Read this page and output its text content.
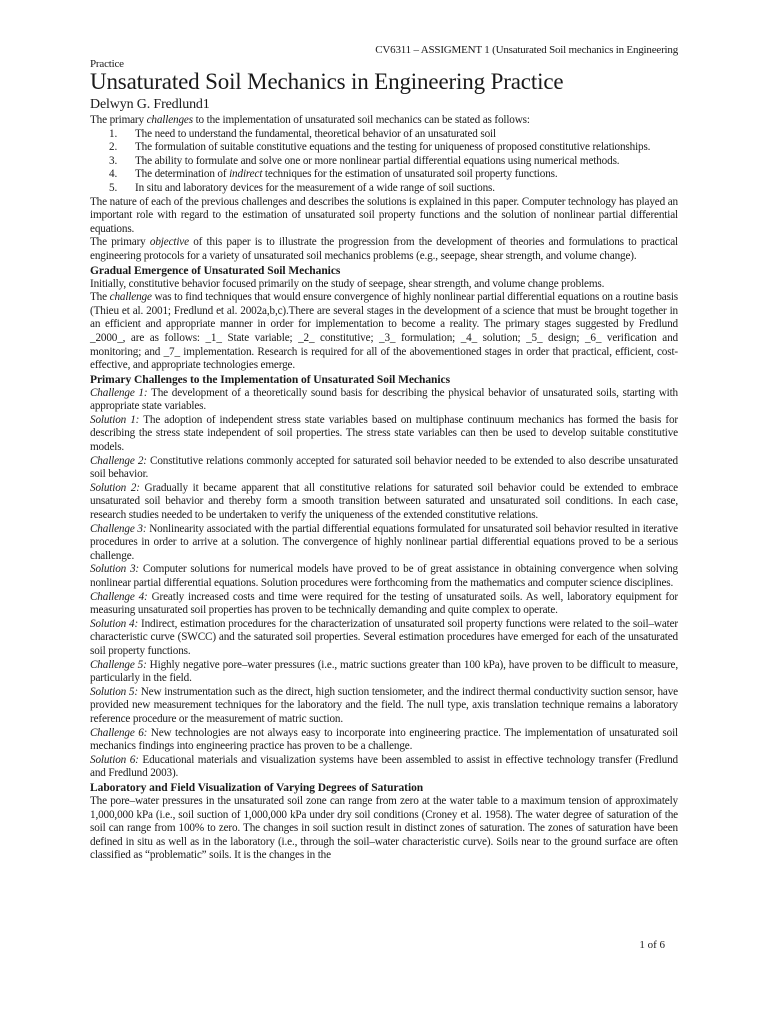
CV6311 – ASSIGMENT 1 (Unsaturated Soil mechanics in Engineering
Practice
Unsaturated Soil Mechanics in Engineering Practice
Delwyn G. Fredlund1

The primary challenges to the implementation of unsaturated soil mechanics can be stated as follows:

1.	The need to understand the fundamental, theoretical behavior of an unsaturated soil
2.	The formulation of suitable constitutive equations and the testing for uniqueness of proposed constitutive relationships.
3.	The ability to formulate and solve one or more nonlinear partial differential equations using numerical methods.
4.	The determination of indirect techniques for the estimation of unsaturated soil property functions.
5.	In situ and laboratory devices for the measurement of a wide range of soil suctions.

The nature of each of the previous challenges and describes the solutions is explained in this paper. Computer technology has played an important role with regard to the estimation of unsaturated soil property functions and the solution of nonlinear partial differential equations.

The primary objective of this paper is to illustrate the progression from the development of theories and formulations to practical engineering protocols for a variety of unsaturated soil mechanics problems (e.g., seepage, shear strength, and volume change).

Gradual Emergence of Unsaturated Soil Mechanics

Initially, constitutive behavior focused primarily on the study of seepage, shear strength, and volume change problems.

The challenge was to find techniques that would ensure convergence of highly nonlinear partial differential equations on a routine basis (Thieu et al. 2001; Fredlund et al. 2002a,b,c).There are several stages in the development of a science that must be brought together in an efficient and appropriate manner in order for implementation to become a reality. The primary stages suggested by Fredlund _2000_, are as follows: _1_ State variable; _2_ constitutive; _3_ formulation; _4_ solution; _5_ design; _6_ verification and monitoring; and _7_ implementation. Research is required for all of the abovementioned stages in order that practical, efficient, cost-effective, and appropriate technologies emerge.

Primary Challenges to the Implementation of Unsaturated Soil Mechanics

Challenge 1: The development of a theoretically sound basis for describing the physical behavior of unsaturated soils, starting with appropriate state variables.

Solution 1: The adoption of independent stress state variables based on multiphase continuum mechanics has formed the basis for describing the stress state independent of soil properties. The stress state variables can then be used to develop suitable constitutive models.

Challenge 2: Constitutive relations commonly accepted for saturated soil behavior needed to be extended to also describe unsaturated soil behavior.

Solution 2: Gradually it became apparent that all constitutive relations for saturated soil behavior could be extended to embrace unsaturated soil behavior and thereby form a smooth transition between saturated and unsaturated soil conditions. In each case, research studies needed to be undertaken to verify the uniqueness of the extended constitutive relations.

Challenge 3: Nonlinearity associated with the partial differential equations formulated for unsaturated soil behavior resulted in iterative procedures in order to arrive at a solution. The convergence of highly nonlinear partial differential equations proved to be a serious challenge.

Solution 3: Computer solutions for numerical models have proved to be of great assistance in obtaining convergence when solving nonlinear partial differential equations. Solution procedures were forthcoming from the mathematics and computer science disciplines.

Challenge 4: Greatly increased costs and time were required for the testing of unsaturated soils. As well, laboratory equipment for measuring unsaturated soil properties has proven to be technically demanding and quite complex to operate.

Solution 4: Indirect, estimation procedures for the characterization of unsaturated soil property functions were related to the soil–water characteristic curve (SWCC) and the saturated soil properties. Several estimation procedures have emerged for each of the unsaturated soil property functions.

Challenge 5: Highly negative pore–water pressures (i.e., matric suctions greater than 100 kPa), have proven to be difficult to measure, particularly in the field.

Solution 5: New instrumentation such as the direct, high suction tensiometer, and the indirect thermal conductivity suction sensor, have provided new measurement techniques for the laboratory and the field. The null type, axis translation technique remains a laboratory reference procedure or the measurement of matric suction.

Challenge 6: New technologies are not always easy to incorporate into engineering practice. The implementation of unsaturated soil mechanics findings into engineering practice has proven to be a challenge.

Solution 6: Educational materials and visualization systems have been assembled to assist in effective technology transfer (Fredlund and Fredlund 2003).

Laboratory and Field Visualization of Varying Degrees of Saturation

The pore–water pressures in the unsaturated soil zone can range from zero at the water table to a maximum tension of approximately 1,000,000 kPa (i.e., soil suction of 1,000,000 kPa under dry soil conditions (Croney et al. 1958). The water degree of saturation of the soil can range from 100% to zero. The changes in soil suction result in distinct zones of saturation. The zones of saturation have been defined in situ as well as in the laboratory (i.e., through the soil–water characteristic curve). Soils near to the ground surface are often classified as “problematic” soils. It is the changes in the

1 of 6
